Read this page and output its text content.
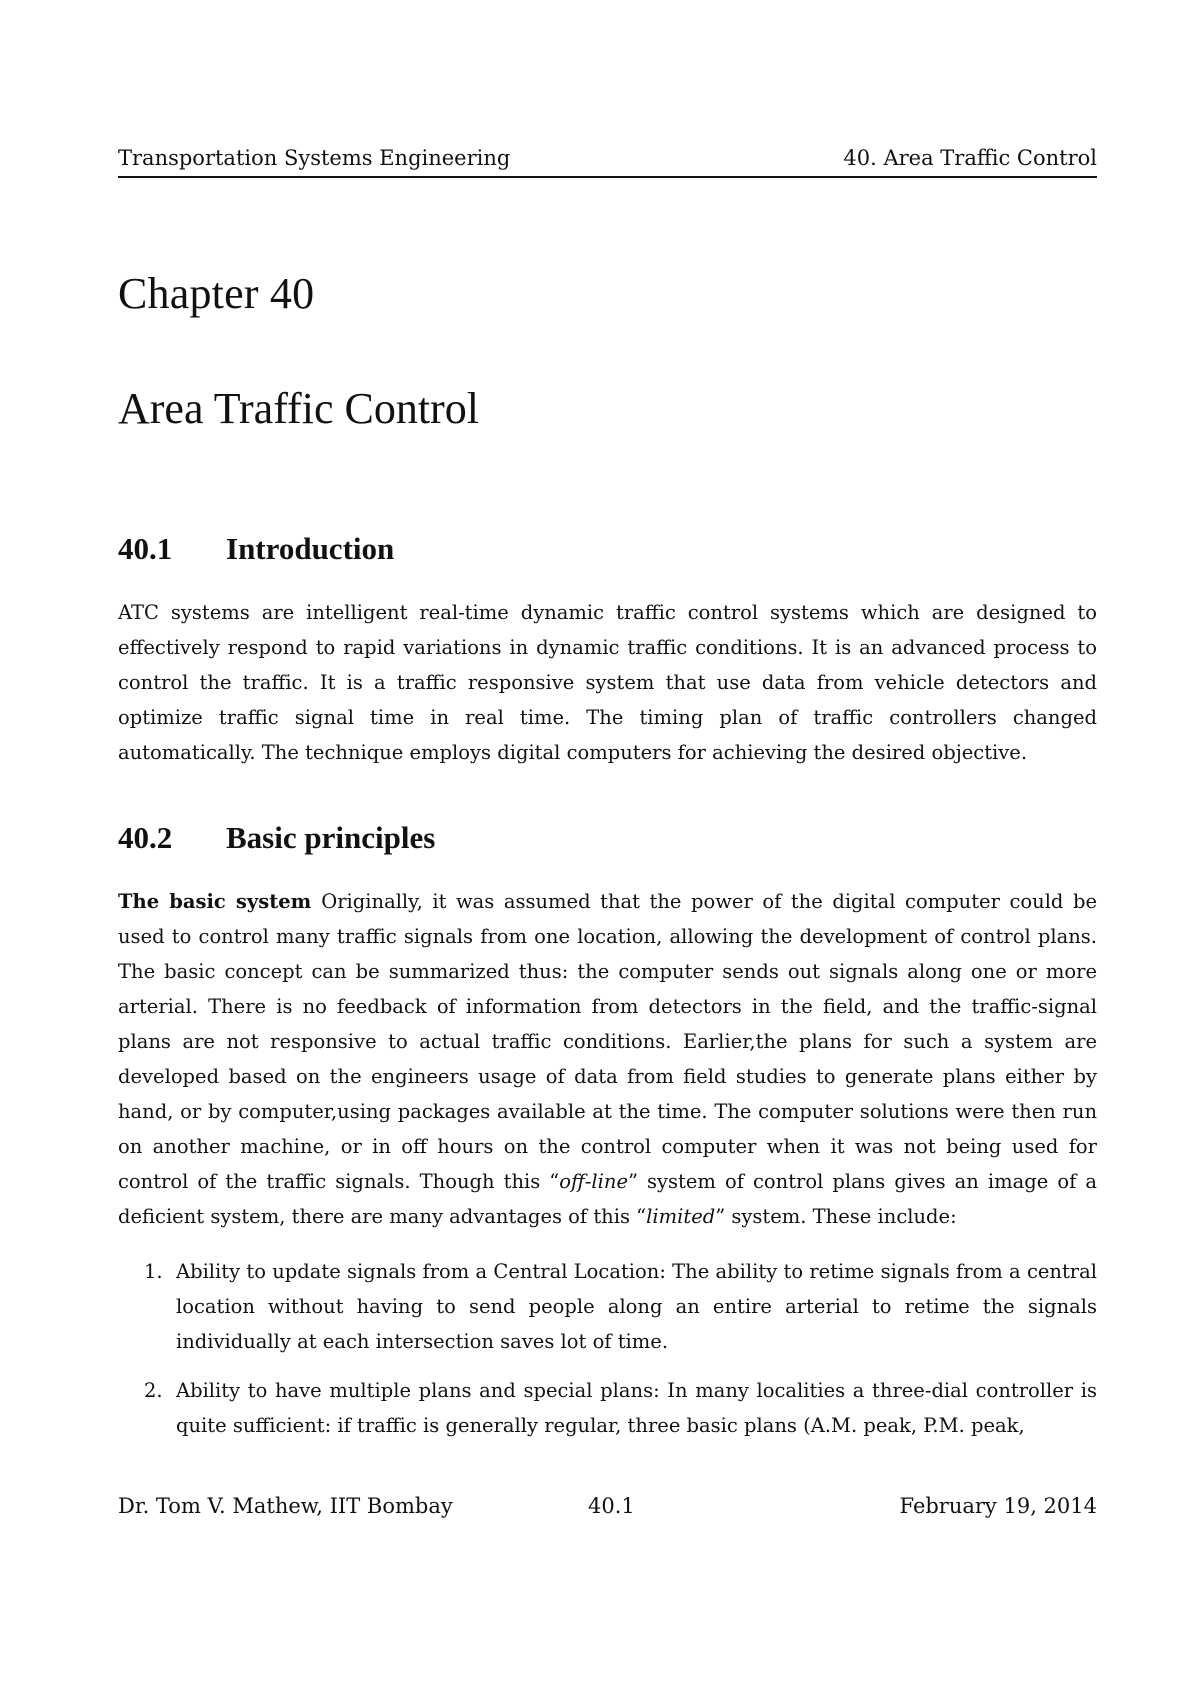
Transportation Systems Engineering	40. Area Traffic Control
Chapter 40
Area Traffic Control
40.1 Introduction

ATC systems are intelligent real-time dynamic traffic control systems which are designed to effectively respond to rapid variations in dynamic traffic conditions. It is an advanced process to control the traffic. It is a traffic responsive system that use data from vehicle detectors and optimize traffic signal time in real time. The timing plan of traffic controllers changed automatically. The technique employs digital computers for achieving the desired objective.

40.2 Basic principles

The basic system Originally, it was assumed that the power of the digital computer could be used to control many traffic signals from one location, allowing the development of control plans. The basic concept can be summarized thus: the computer sends out signals along one or more arterial. There is no feedback of information from detectors in the field, and the traffic-signal plans are not responsive to actual traffic conditions. Earlier,the plans for such a system are developed based on the engineers usage of data from field studies to generate plans either by hand, or by computer,using packages available at the time. The computer solutions were then run on another machine, or in off hours on the control computer when it was not being used for control of the traffic signals. Though this “off-line” system of control plans gives an image of a deficient system, there are many advantages of this “limited” system. These include:

1. Ability to update signals from a Central Location: The ability to retime signals from a central location without having to send people along an entire arterial to retime the signals individually at each intersection saves lot of time.
2. Ability to have multiple plans and special plans: In many localities a three-dial controller is quite sufficient: if traffic is generally regular, three basic plans (A.M. peak, P.M. peak,
Dr. Tom V. Mathew, IIT Bombay	40.1	February 19, 2014
